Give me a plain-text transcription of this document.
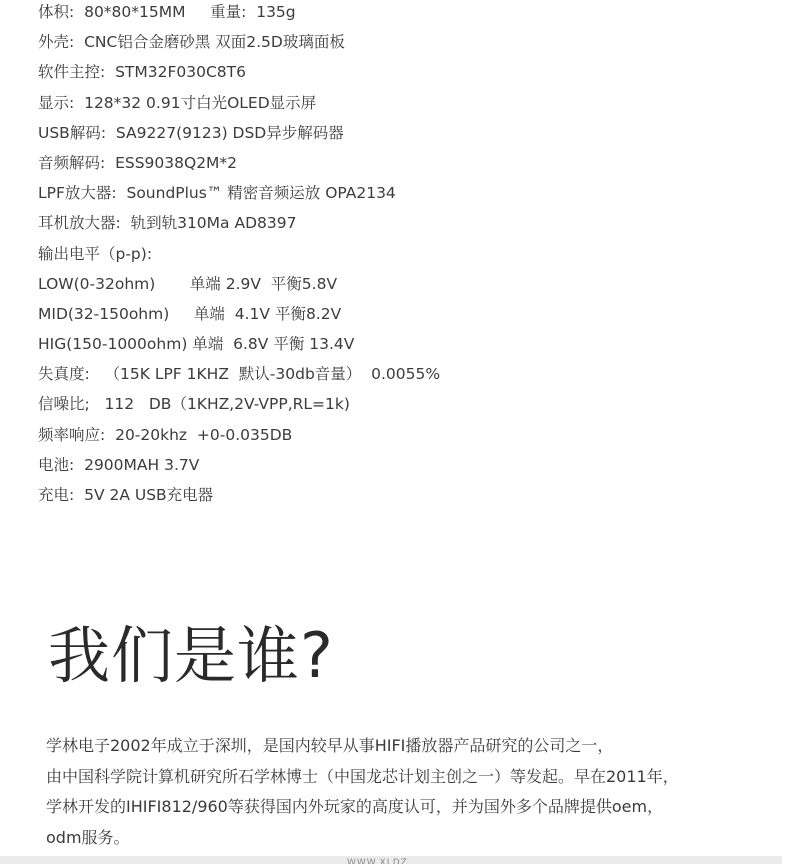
体积:  80*80*15MM     重量:  135g
外壳:  CNC铝合金磨砂黑 双面2.5D玻璃面板
软件主控:  STM32F030C8T6
显示:  128*32 0.91寸白光OLED显示屏
USB解码:  SA9227(9123) DSD异步解码器
音频解码:  ESS9038Q2M*2
LPF放大器:  SoundPlus™ 精密音频运放 OPA2134
耳机放大器:  轨到轨310Ma AD8397
输出电平（p-p):
LOW(0-32ohm)       单端 2.9V  平衡5.8V
MID(32-150ohm)     单端  4.1V 平衡8.2V
HIG(150-1000ohm) 单端  6.8V 平衡 13.4V
失真度:   （15K LPF 1KHZ  默认-30db音量）  0.0055%
信噪比;   112   DB（1KHZ,2V-VPP,RL=1k)
频率响应:  20-20khz  +0-0.035DB
电池:  2900MAH 3.7V
充电:  5V 2A USB充电器
我们是谁?
学林电子2002年成立于深圳，是国内较早从事HIFI播放器产品研究的公司之一，
由中国科学院计算机研究所石学林博士（中国龙芯计划主创之一）等发起。早在2011年，
学林开发的IHIFI812/960等获得国内外玩家的高度认可，并为国外多个品牌提供oem，
odm服务。
WWW.XLDZ
